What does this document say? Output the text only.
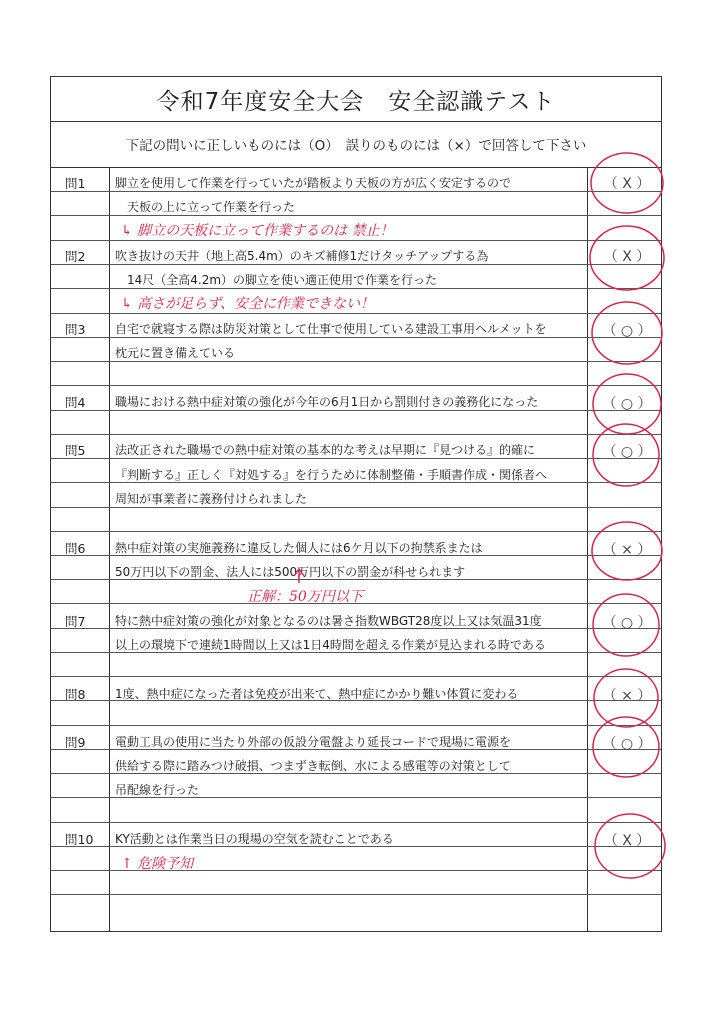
令和7年度安全大会　安全認識テスト
下記の問いに正しいものには（O）　誤りのものには（×）で回答して下さい
問1	脚立を使用して作業を行っていたが踏板より天板の方が広く安定するので
　天板の上に立って作業を行った
↳ 脚立の天板に立って作業するのは 禁止！
（ X ）
問2	吹き抜けの天井（地上高5.4m）のキズ補修1だけタッチアップする為
　14尺（全高4.2m）の脚立を使い適正使用で作業を行った
↳ 高さが足らず、安全に作業できない！
（ X ）
問3	自宅で就寝する際は防災対策として仕事で使用している建設工事用ヘルメットを
枕元に置き備えている
（ ○ ）
問4	職場における熱中症対策の強化が今年の6月1日から罰則付きの義務化になった	（ ○ ）
問5	法改正された職場での熱中症対策の基本的な考えは早期に『見つける』的確に
『判断する』正しく『対処する』を行うために体制整備・手順書作成・関係者へ
周知が事業者に義務付けられました
（ ○ ）
問6	熱中症対策の実施義務に違反した個人には6ケ月以下の拘禁系または
50万円以下の罰金、法人には500万円以下の罰金が科せられます
正解：50万円以下
（ × ）
問7	特に熱中症対策の強化が対象となるのは暑さ指数WBGT28度以上又は気温31度
以上の環境下で連続1時間以上又は1日4時間を超える作業が見込まれる時である
（ ○ ）
問8	1度、熱中症になった者は免疫が出来て、熱中症にかかり難い体質に変わる	（ × ）
問9	電動工具の使用に当たり外部の仮設分電盤より延長コードで現場に電源を
供給する際に踏みつけ破損、つまずき転倒、水による感電等の対策として
吊配線を行った
（ ○ ）
問10	KY活動とは作業当日の現場の空気を読むことである
↑ 危険予知
（ X ）
